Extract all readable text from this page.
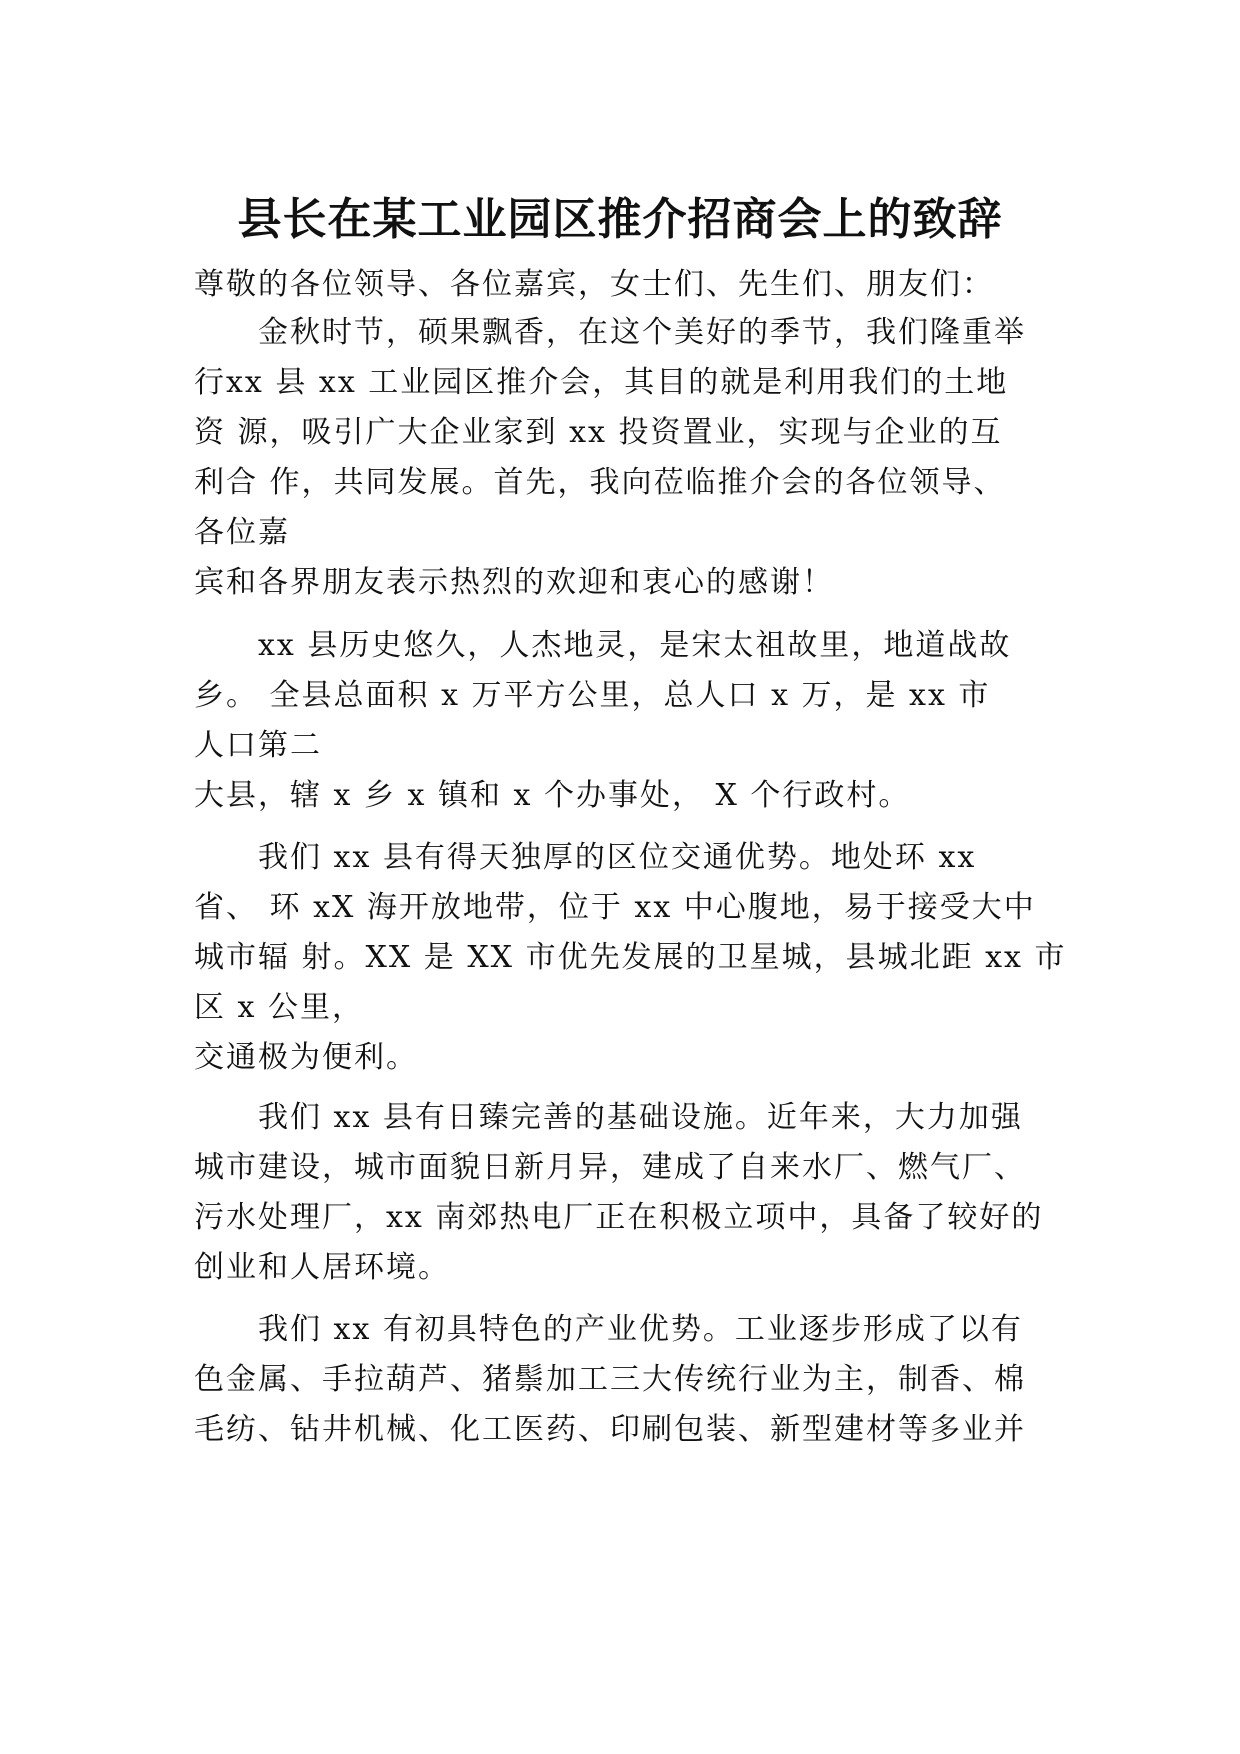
县长在某工业园区推介招商会上的致辞
尊敬的各位领导、各位嘉宾，女士们、先生们、朋友们：
金秋时节，硕果飘香，在这个美好的季节，我们隆重举
行xx 县 xx 工业园区推介会，其目的就是利用我们的土地
资 源，吸引广大企业家到 xx 投资置业，实现与企业的互
利合 作，共同发展。首先，我向莅临推介会的各位领导、
各位嘉
宾和各界朋友表示热烈的欢迎和衷心的感谢！
xx 县历史悠久，人杰地灵，是宋太祖故里，地道战故
乡。 全县总面积 x 万平方公里，总人口 x 万，是 xx 市
人口第二
大县，辖 x 乡 x 镇和 x 个办事处， X 个行政村。
我们 xx 县有得天独厚的区位交通优势。地处环 xx
省、 环 xX 海开放地带，位于 xx 中心腹地，易于接受大中
城市辐 射。XX 是 XX 市优先发展的卫星城，县城北距 xx 市
区 x 公里，
交通极为便利。
我们 xx 县有日臻完善的基础设施。近年来，大力加强
城市建设，城市面貌日新月异，建成了自来水厂、燃气厂、
污水处理厂，xx 南郊热电厂正在积极立项中，具备了较好的
创业和人居环境。
我们 xx 有初具特色的产业优势。工业逐步形成了以有
色金属、手拉葫芦、猪鬃加工三大传统行业为主，制香、棉
毛纺、钻井机械、化工医药、印刷包装、新型建材等多业并
